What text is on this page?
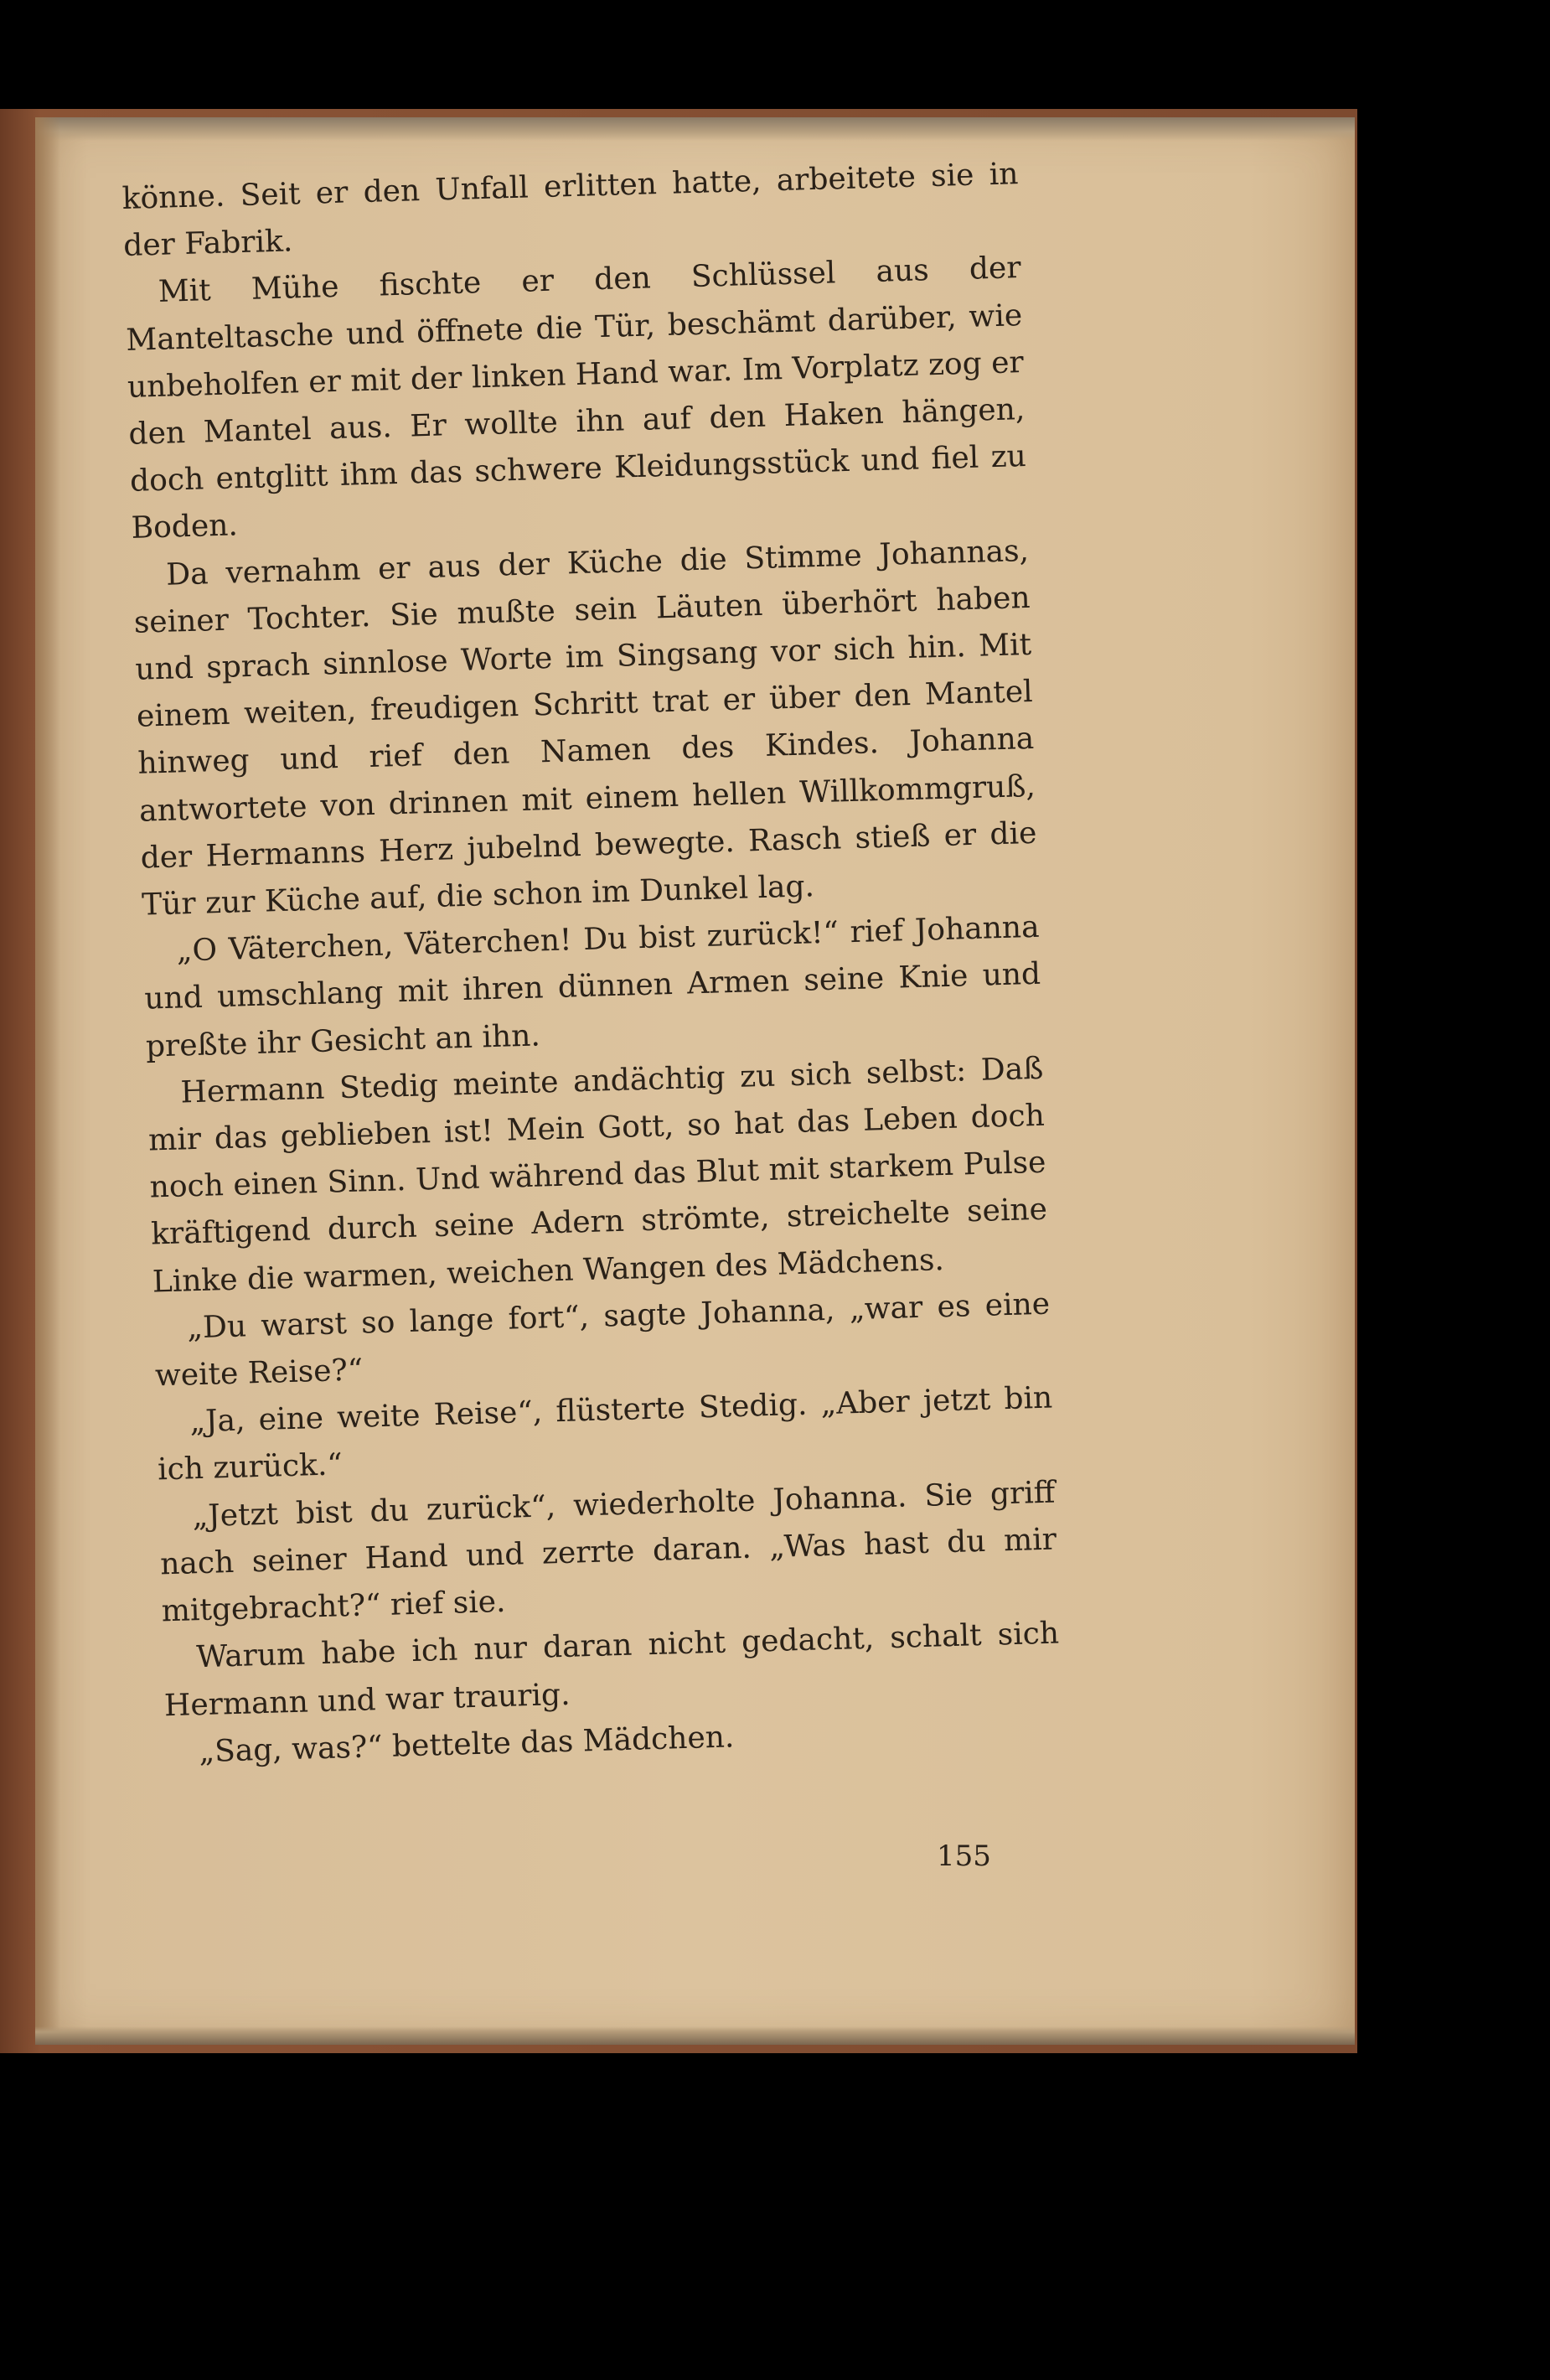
könne. Seit er den Unfall erlitten hatte, arbeitete sie in der Fabrik.

Mit Mühe fischte er den Schlüssel aus der Manteltasche und öffnete die Tür, beschämt darüber, wie unbeholfen er mit der linken Hand war. Im Vorplatz zog er den Mantel aus. Er wollte ihn auf den Haken hängen, doch entglitt ihm das schwere Kleidungsstück und fiel zu Boden.

Da vernahm er aus der Küche die Stimme Johannas, seiner Tochter. Sie mußte sein Läuten überhört haben und sprach sinnlose Worte im Singsang vor sich hin. Mit einem weiten, freudigen Schritt trat er über den Mantel hinweg und rief den Namen des Kindes. Johanna antwortete von drinnen mit einem hellen Willkommgruß, der Hermanns Herz jubelnd bewegte. Rasch stieß er die Tür zur Küche auf, die schon im Dunkel lag.

„O Väterchen, Väterchen! Du bist zurück!“ rief Johanna und umschlang mit ihren dünnen Armen seine Knie und preßte ihr Gesicht an ihn.

Hermann Stedig meinte andächtig zu sich selbst: Daß mir das geblieben ist! Mein Gott, so hat das Leben doch noch einen Sinn. Und während das Blut mit starkem Pulse kräftigend durch seine Adern strömte, streichelte seine Linke die warmen, weichen Wangen des Mädchens.

„Du warst so lange fort“, sagte Johanna, „war es eine weite Reise?“

„Ja, eine weite Reise“, flüsterte Stedig. „Aber jetzt bin ich zurück.“

„Jetzt bist du zurück“, wiederholte Johanna. Sie griff nach seiner Hand und zerrte daran. „Was hast du mir mitgebracht?“ rief sie.

Warum habe ich nur daran nicht gedacht, schalt sich Hermann und war traurig.

„Sag, was?“ bettelte das Mädchen.

155
